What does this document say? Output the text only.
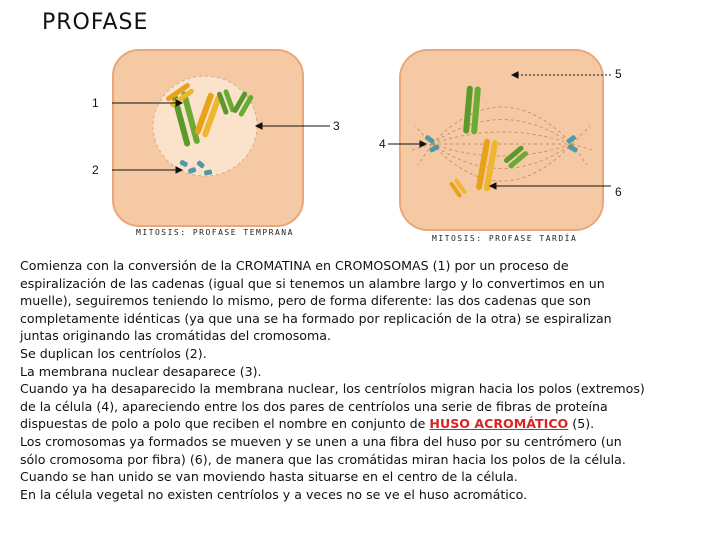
PROFASE
1
2
3
4
5
6
MITOSIS: PROFASE TEMPRANA
MITOSIS: PROFASE TARDÍA

Comienza con la conversión de la CROMATINA en CROMOSOMAS (1) por un proceso de

espiralización de las cadenas (igual que si tenemos un alambre largo y lo convertimos en un

muelle), seguiremos teniendo lo mismo, pero de forma diferente: las dos cadenas que son

completamente idénticas (ya que una se ha formado por replicación de la otra) se espiralizan

juntas originando las cromátidas del cromosoma.

Se duplican los centríolos (2).

La membrana nuclear desaparece (3).

Cuando ya ha desaparecido la membrana nuclear, los centríolos migran hacia los polos (extremos)

de la célula (4), apareciendo entre los dos pares de centríolos una serie de fibras de proteína

dispuestas de polo a polo que reciben el nombre en conjunto de HUSO ACROMÁTICO (5).

Los cromosomas ya formados se mueven y se unen a una fibra del huso por su centrómero (un

sólo cromosoma por fibra) (6), de manera que las cromátidas miran hacia los polos de la célula.

Cuando se han unido se van moviendo hasta situarse en el centro de la célula.

En la célula vegetal no existen centríolos y a veces no se ve el huso acromático.
